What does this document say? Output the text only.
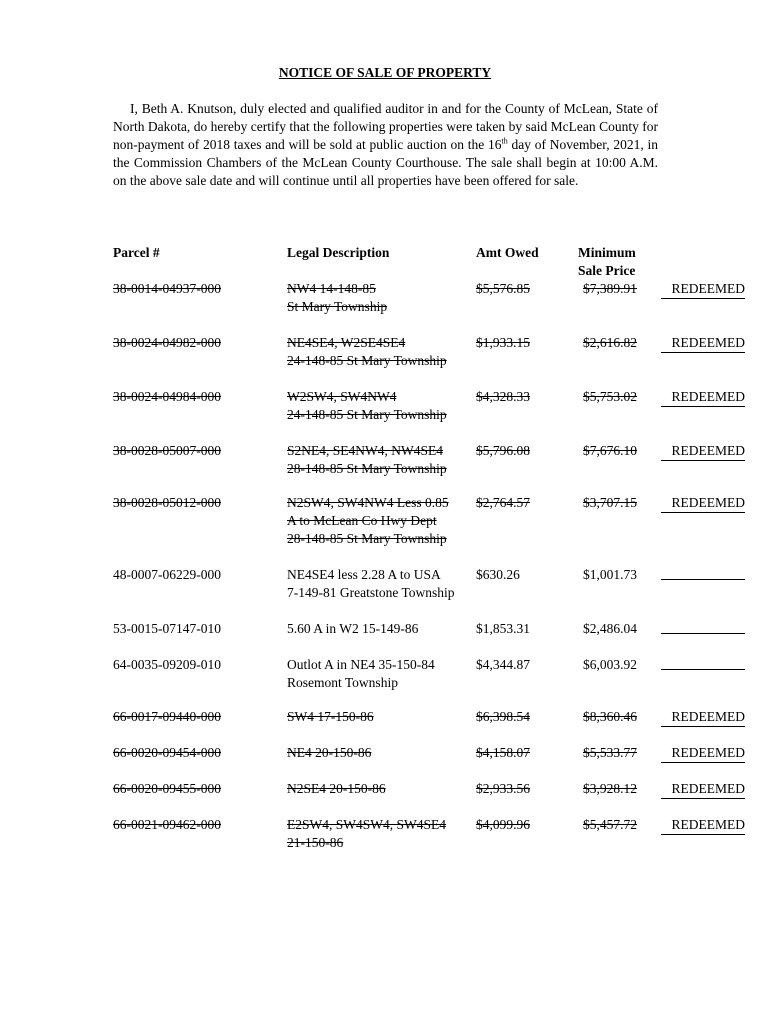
NOTICE OF SALE OF PROPERTY
I, Beth A. Knutson, duly elected and qualified auditor in and for the County of McLean, State of North Dakota, do hereby certify that the following properties were taken by said McLean County for non-payment of 2018 taxes and will be sold at public auction on the 16th day of November, 2021, in the Commission Chambers of the McLean County Courthouse. The sale shall begin at 10:00 A.M. on the above sale date and will continue until all properties have been offered for sale.
Parcel #	Legal Description	Amt Owed	Minimum
Sale Price
38-0014-04937-000	NW4 14-148-85
St Mary Township
$5,576.85	$7,389.91	REDEEMED
38-0024-04982-000	NE4SE4, W2SE4SE4
24-148-85 St Mary Township
$1,933.15	$2,616.82	REDEEMED
38-0024-04984-000	W2SW4, SW4NW4
24-148-85 St Mary Township
$4,328.33	$5,753.02	REDEEMED
38-0028-05007-000	S2NE4, SE4NW4, NW4SE4
28-148-85 St Mary Township
$5,796.08	$7,676.10	REDEEMED
38-0028-05012-000	N2SW4, SW4NW4 Less 0.85
A to McLean Co Hwy Dept
28-148-85 St Mary Township
$2,764.57	$3,707.15	REDEEMED
48-0007-06229-000	NE4SE4 less 2.28 A to USA
7-149-81 Greatstone Township
$630.26	$1,001.73
53-0015-07147-010	5.60 A in W2 15-149-86	$1,853.31	$2,486.04
64-0035-09209-010	Outlot A in NE4 35-150-84
Rosemont Township
$4,344.87	$6,003.92
66-0017-09440-000	SW4 17-150-86	$6,398.54	$8,360.46	REDEEMED
66-0020-09454-000	NE4 20-150-86	$4,158.07	$5,533.77	REDEEMED
66-0020-09455-000	N2SE4 20-150-86	$2,933.56	$3,928.12	REDEEMED
66-0021-09462-000	E2SW4, SW4SW4, SW4SE4
21-150-86
$4,099.96	$5,457.72	REDEEMED
